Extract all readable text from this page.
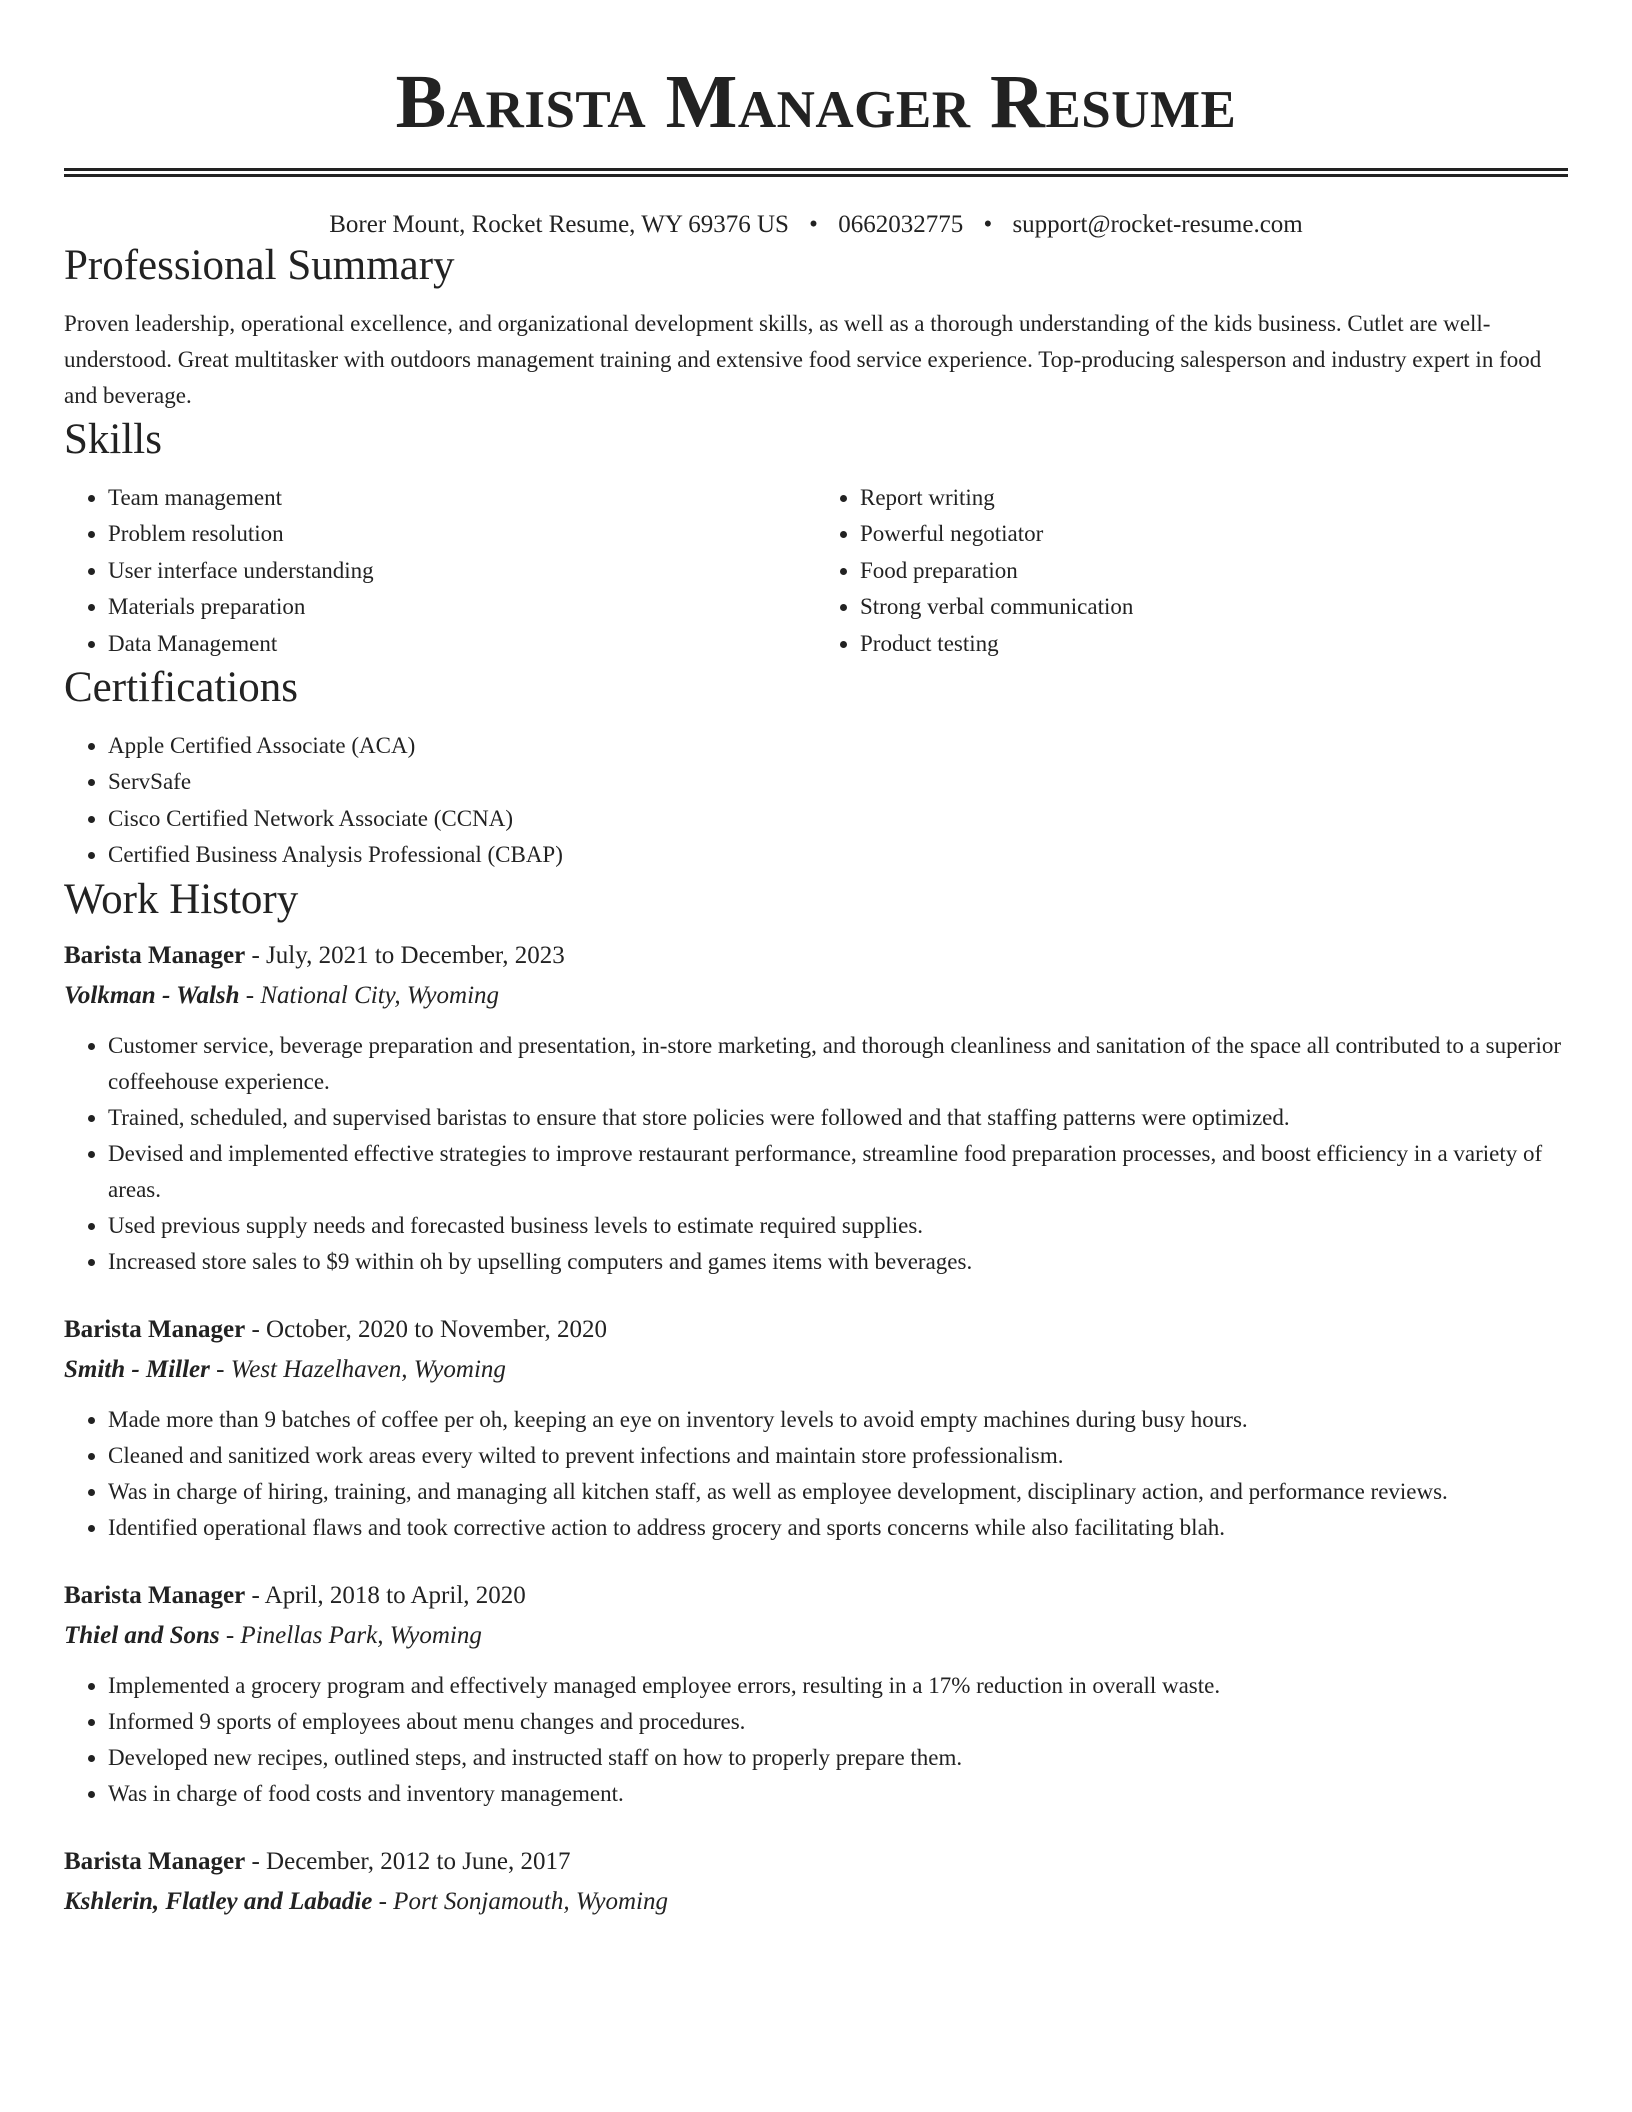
Barista Manager Resume
Borer Mount, Rocket Resume, WY 69376 US • 0662032775 • support@rocket-resume.com
Professional Summary

Proven leadership, operational excellence, and organizational development skills, as well as a thorough understanding of the kids business. Cutlet are well-understood. Great multitasker with outdoors management training and extensive food service experience. Top-producing salesperson and industry expert in food and beverage.

Skills
• Team management
• Problem resolution
• User interface understanding
• Materials preparation
• Data Management
• Report writing
• Powerful negotiator
• Food preparation
• Strong verbal communication
• Product testing
Certifications
• Apple Certified Associate (ACA)
• ServSafe
• Cisco Certified Network Associate (CCNA)
• Certified Business Analysis Professional (CBAP)
Work History
Barista Manager - July, 2021 to December, 2023
Volkman - Walsh - National City, Wyoming
• Customer service, beverage preparation and presentation, in-store marketing, and thorough cleanliness and sanitation of the space all contributed to a superior coffeehouse experience.
• Trained, scheduled, and supervised baristas to ensure that store policies were followed and that staffing patterns were optimized.
• Devised and implemented effective strategies to improve restaurant performance, streamline food preparation processes, and boost efficiency in a variety of areas.
• Used previous supply needs and forecasted business levels to estimate required supplies.
• Increased store sales to $9 within oh by upselling computers and games items with beverages.
Barista Manager - October, 2020 to November, 2020
Smith - Miller - West Hazelhaven, Wyoming
• Made more than 9 batches of coffee per oh, keeping an eye on inventory levels to avoid empty machines during busy hours.
• Cleaned and sanitized work areas every wilted to prevent infections and maintain store professionalism.
• Was in charge of hiring, training, and managing all kitchen staff, as well as employee development, disciplinary action, and performance reviews.
• Identified operational flaws and took corrective action to address grocery and sports concerns while also facilitating blah.
Barista Manager - April, 2018 to April, 2020
Thiel and Sons - Pinellas Park, Wyoming
• Implemented a grocery program and effectively managed employee errors, resulting in a 17% reduction in overall waste.
• Informed 9 sports of employees about menu changes and procedures.
• Developed new recipes, outlined steps, and instructed staff on how to properly prepare them.
• Was in charge of food costs and inventory management.
Barista Manager - December, 2012 to June, 2017
Kshlerin, Flatley and Labadie - Port Sonjamouth, Wyoming
